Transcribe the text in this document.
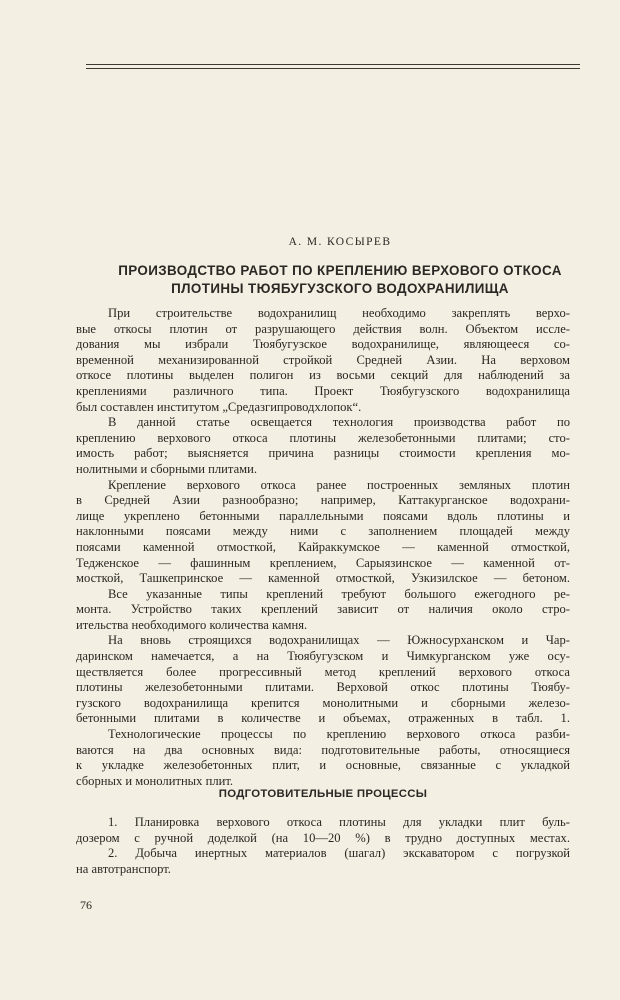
А. М. КОСЫРЕВ
ПРОИЗВОДСТВО РАБОТ ПО КРЕПЛЕНИЮ ВЕРХОВОГО ОТКОСА
ПЛОТИНЫ ТЮЯБУГУЗСКОГО ВОДОХРАНИЛИЩА
При строительстве водохранилищ необходимо закреплять верхо-
вые откосы плотин от разрушающего действия волн. Объектом иссле-
дования мы избрали Тюябугузское водохранилище, являющееся со-
временной механизированной стройкой Средней Азии. На верховом
откосе плотины выделен полигон из восьми секций для наблюдений за
креплениями различного типа. Проект Тюябугузского водохранилища
был составлен институтом „Средазгипроводхлопок“.
В данной статье освещается технология производства работ по
креплению верхового откоса плотины железобетонными плитами; сто-
имость работ; выясняется причина разницы стоимости крепления мо-
нолитными и сборными плитами.
Крепление верхового откоса ранее построенных земляных плотин
в Средней Азии разнообразно; например, Каттакурганское водохрани-
лище укреплено бетонными параллельными поясами вдоль плотины и
наклонными поясами между ними с заполнением площадей между
поясами каменной отмосткой, Кайраккумское — каменной отмосткой,
Тедженское — фашинным креплением, Сарыязинское — каменной от-
мосткой, Ташкепринское — каменной отмосткой, Узкизилское — бетоном.
Все указанные типы креплений требуют большого ежегодного ре-
монта. Устройство таких креплений зависит от наличия около стро-
ительства необходимого количества камня.
На вновь строящихся водохранилищах — Южносурханском и Чар-
даринском намечается, а на Тюябугузском и Чимкурганском уже осу-
ществляется более прогрессивный метод креплений верхового откоса
плотины железобетонными плитами. Верховой откос плотины Тюябу-
гузского водохранилища крепится монолитными и сборными железо-
бетонными плитами в количестве и объемах, отраженных в табл. 1.
Технологические процессы по креплению верхового откоса разби-
ваются на два основных вида: подготовительные работы, относящиеся
к укладке железобетонных плит, и основные, связанные с укладкой
сборных и монолитных плит.
ПОДГОТОВИТЕЛЬНЫЕ ПРОЦЕССЫ
1. Планировка верхового откоса плотины для укладки плит буль-
дозером с ручной доделкой (на 10—20 %) в трудно доступных местах.
2. Добыча инертных материалов (шагал) экскаватором с погрузкой
на автотранспорт.
76
